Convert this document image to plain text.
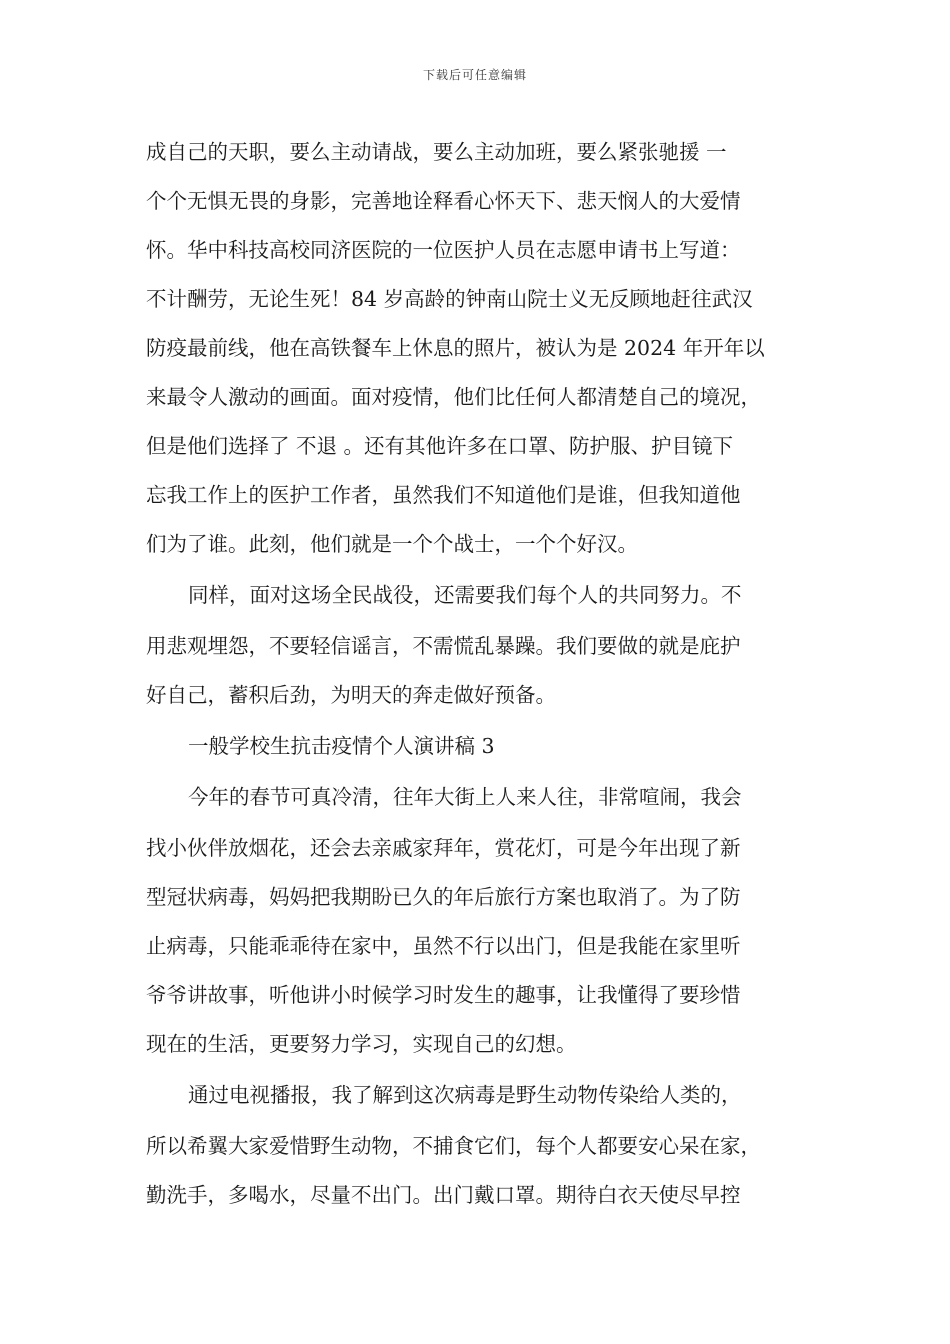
下载后可任意编辑
成自己的天职，要么主动请战，要么主动加班，要么紧张驰援 一
个个无惧无畏的身影，完善地诠释看心怀天下、悲天悯人的大爱情
怀。华中科技高校同济医院的一位医护人员在志愿申请书上写道：
不计酬劳，无论生死！84 岁高龄的钟南山院士义无反顾地赶往武汉
防疫最前线，他在高铁餐车上休息的照片，被认为是 2024 年开年以
来最令人激动的画面。面对疫情，他们比任何人都清楚自己的境况，
但是他们选择了 不退 。还有其他许多在口罩、防护服、护目镜下
忘我工作上的医护工作者，虽然我们不知道他们是谁，但我知道他
们为了谁。此刻，他们就是一个个战士，一个个好汉。
同样，面对这场全民战役，还需要我们每个人的共同努力。不
用悲观埋怨，不要轻信谣言，不需慌乱暴躁。我们要做的就是庇护
好自己，蓄积后劲，为明天的奔走做好预备。
一般学校生抗击疫情个人演讲稿 3
今年的春节可真冷清，往年大街上人来人往，非常喧闹，我会
找小伙伴放烟花，还会去亲戚家拜年，赏花灯，可是今年出现了新
型冠状病毒，妈妈把我期盼已久的年后旅行方案也取消了。为了防
止病毒，只能乖乖待在家中，虽然不行以出门，但是我能在家里听
爷爷讲故事，听他讲小时候学习时发生的趣事，让我懂得了要珍惜
现在的生活，更要努力学习，实现自己的幻想。
通过电视播报，我了解到这次病毒是野生动物传染给人类的，
所以希翼大家爱惜野生动物，不捕食它们，每个人都要安心呆在家，
勤洗手，多喝水，尽量不出门。出门戴口罩。期待白衣天使尽早控
